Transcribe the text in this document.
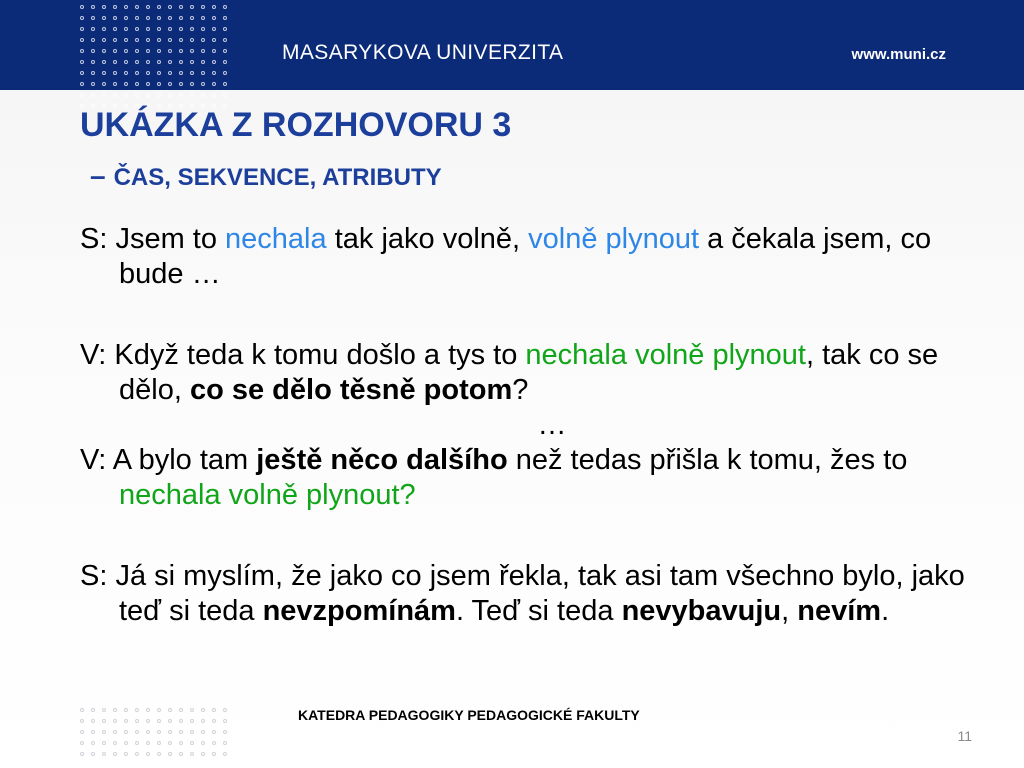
MASARYKOVA UNIVERZITA	www.muni.cz
UKÁZKA Z ROZHOVORU 3
– ČAS, SEKVENCE, ATRIBUTY

S: Jsem to nechala tak jako volně, volně plynout a čekala jsem, co bude …

V: Když teda k tomu došlo a tys to nechala volně plynout, tak co se dělo, co se dělo těsně potom?

…

V: A bylo tam ještě něco dalšího než tedas přišla k tomu, žes to nechala volně plynout?

S: Já si myslím, že jako co jsem řekla, tak asi tam všechno bylo, jako teď si teda nevzpomínám. Teď si teda nevybavuju, nevím.

KATEDRA PEDAGOGIKY PEDAGOGICKÉ FAKULTY
11
